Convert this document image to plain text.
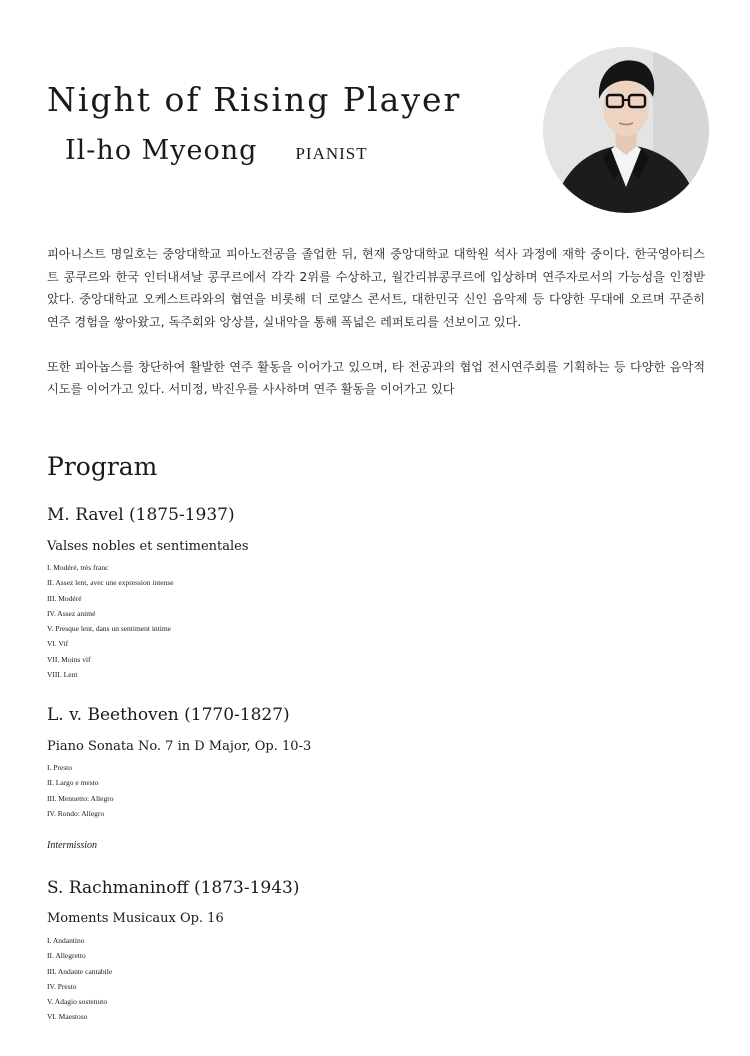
Night of Rising Player
Il-ho Myeong PIANIST

피아니스트 명일호는 중앙대학교 피아노전공을 졸업한 뒤, 현재 중앙대학교 대학원 석사 과정에 재학 중이다. 한국영아티스트 콩쿠르와 한국 인터내셔날 콩쿠르에서 각각 2위를 수상하고, 월간리뷰콩쿠르에 입상하며 연주자로서의 가능성을 인정받았다. 중앙대학교 오케스트라와의 협연을 비롯해 더 로얄스 콘서트, 대한민국 신인 음악제 등 다양한 무대에 오르며 꾸준히 연주 경험을 쌓아왔고, 독주회와 앙상블, 실내악을 통해 폭넓은 레퍼토리를 선보이고 있다.

또한 피아놉스를 창단하여 활발한 연주 활동을 이어가고 있으며, 타 전공과의 협업 전시연주회를 기획하는 등 다양한 음악적 시도를 이어가고 있다. 서미정, 박진우를 사사하며 연주 활동을 이어가고 있다

Program
M. Ravel (1875-1937)
Valses nobles et sentimentales
I. Modéré, très franc
II. Assez lent, avec une expression intense
III. Modéré
IV. Assez animé
V. Presque lent, dans un sentiment intime
VI. Vif
VII. Moins vif
VIII. Lent
L. v. Beethoven (1770-1827)
Piano Sonata No. 7 in D Major, Op. 10-3
I. Presto
II. Largo e mesto
III. Menuetto: Allegro
IV. Rondo: Allegro
Intermission
S. Rachmaninoff (1873-1943)
Moments Musicaux Op. 16
I. Andantino
II. Allegretto
III. Andante cantabile
IV. Presto
V. Adagio sostenuto
VI. Maestoso
